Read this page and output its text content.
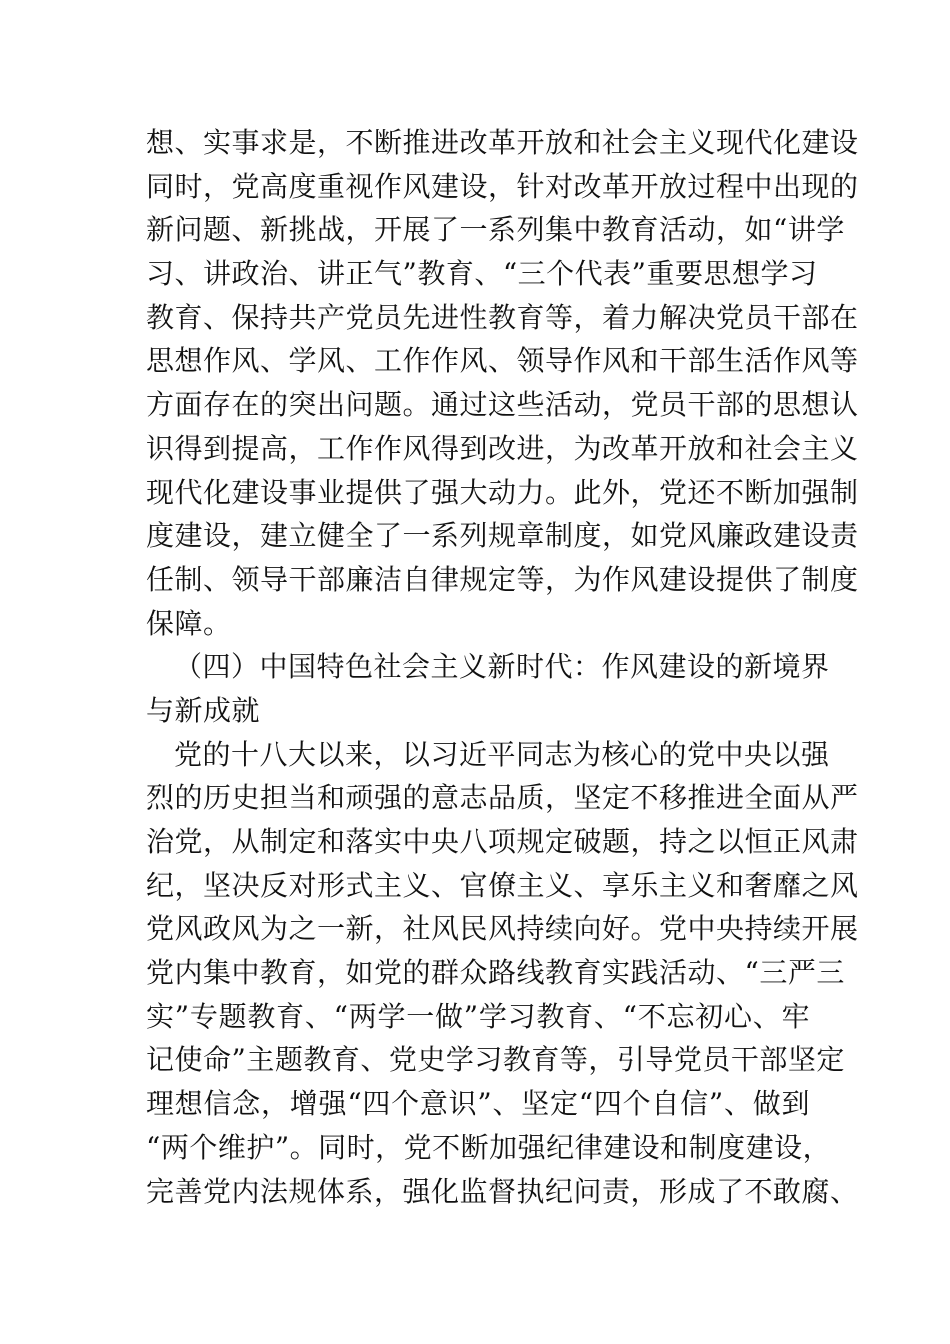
想、实事求是，不断推进改革开放和社会主义现代化建设
同时，党高度重视作风建设，针对改革开放过程中出现的
新问题、新挑战，开展了一系列集中教育活动，如“讲学
习、讲政治、讲正气”教育、“三个代表”重要思想学习
教育、保持共产党员先进性教育等，着力解决党员干部在
思想作风、学风、工作作风、领导作风和干部生活作风等
方面存在的突出问题。通过这些活动，党员干部的思想认
识得到提高，工作作风得到改进，为改革开放和社会主义
现代化建设事业提供了强大动力。此外，党还不断加强制
度建设，建立健全了一系列规章制度，如党风廉政建设责
任制、领导干部廉洁自律规定等，为作风建设提供了制度
保障。
（四）中国特色社会主义新时代：作风建设的新境界
与新成就
党的十八大以来，以习近平同志为核心的党中央以强
烈的历史担当和顽强的意志品质，坚定不移推进全面从严
治党，从制定和落实中央八项规定破题，持之以恒正风肃
纪，坚决反对形式主义、官僚主义、享乐主义和奢靡之风
党风政风为之一新，社风民风持续向好。党中央持续开展
党内集中教育，如党的群众路线教育实践活动、“三严三
实”专题教育、“两学一做”学习教育、“不忘初心、牢
记使命”主题教育、党史学习教育等，引导党员干部坚定
理想信念，增强“四个意识”、坚定“四个自信”、做到
“两个维护”。同时，党不断加强纪律建设和制度建设，
完善党内法规体系，强化监督执纪问责，形成了不敢腐、
